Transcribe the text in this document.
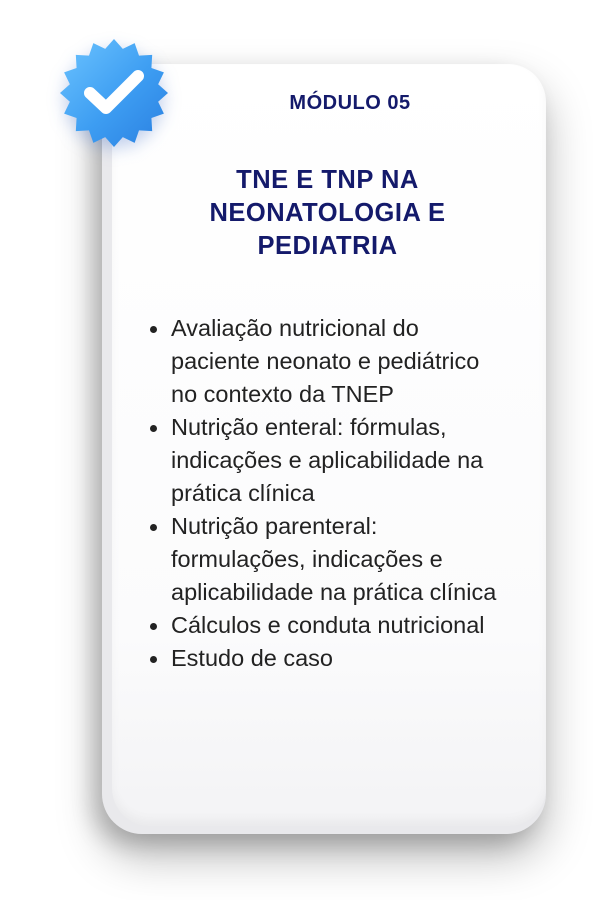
MÓDULO 05
TNE E TNP NA NEONATOLOGIA E PEDIATRIA
Avaliação nutricional do paciente neonato e pediátrico no contexto da TNEP
Nutrição enteral: fórmulas, indicações e aplicabilidade na prática clínica
Nutrição parenteral: formulações, indicações e aplicabilidade na prática clínica
Cálculos e conduta nutricional
Estudo de caso
